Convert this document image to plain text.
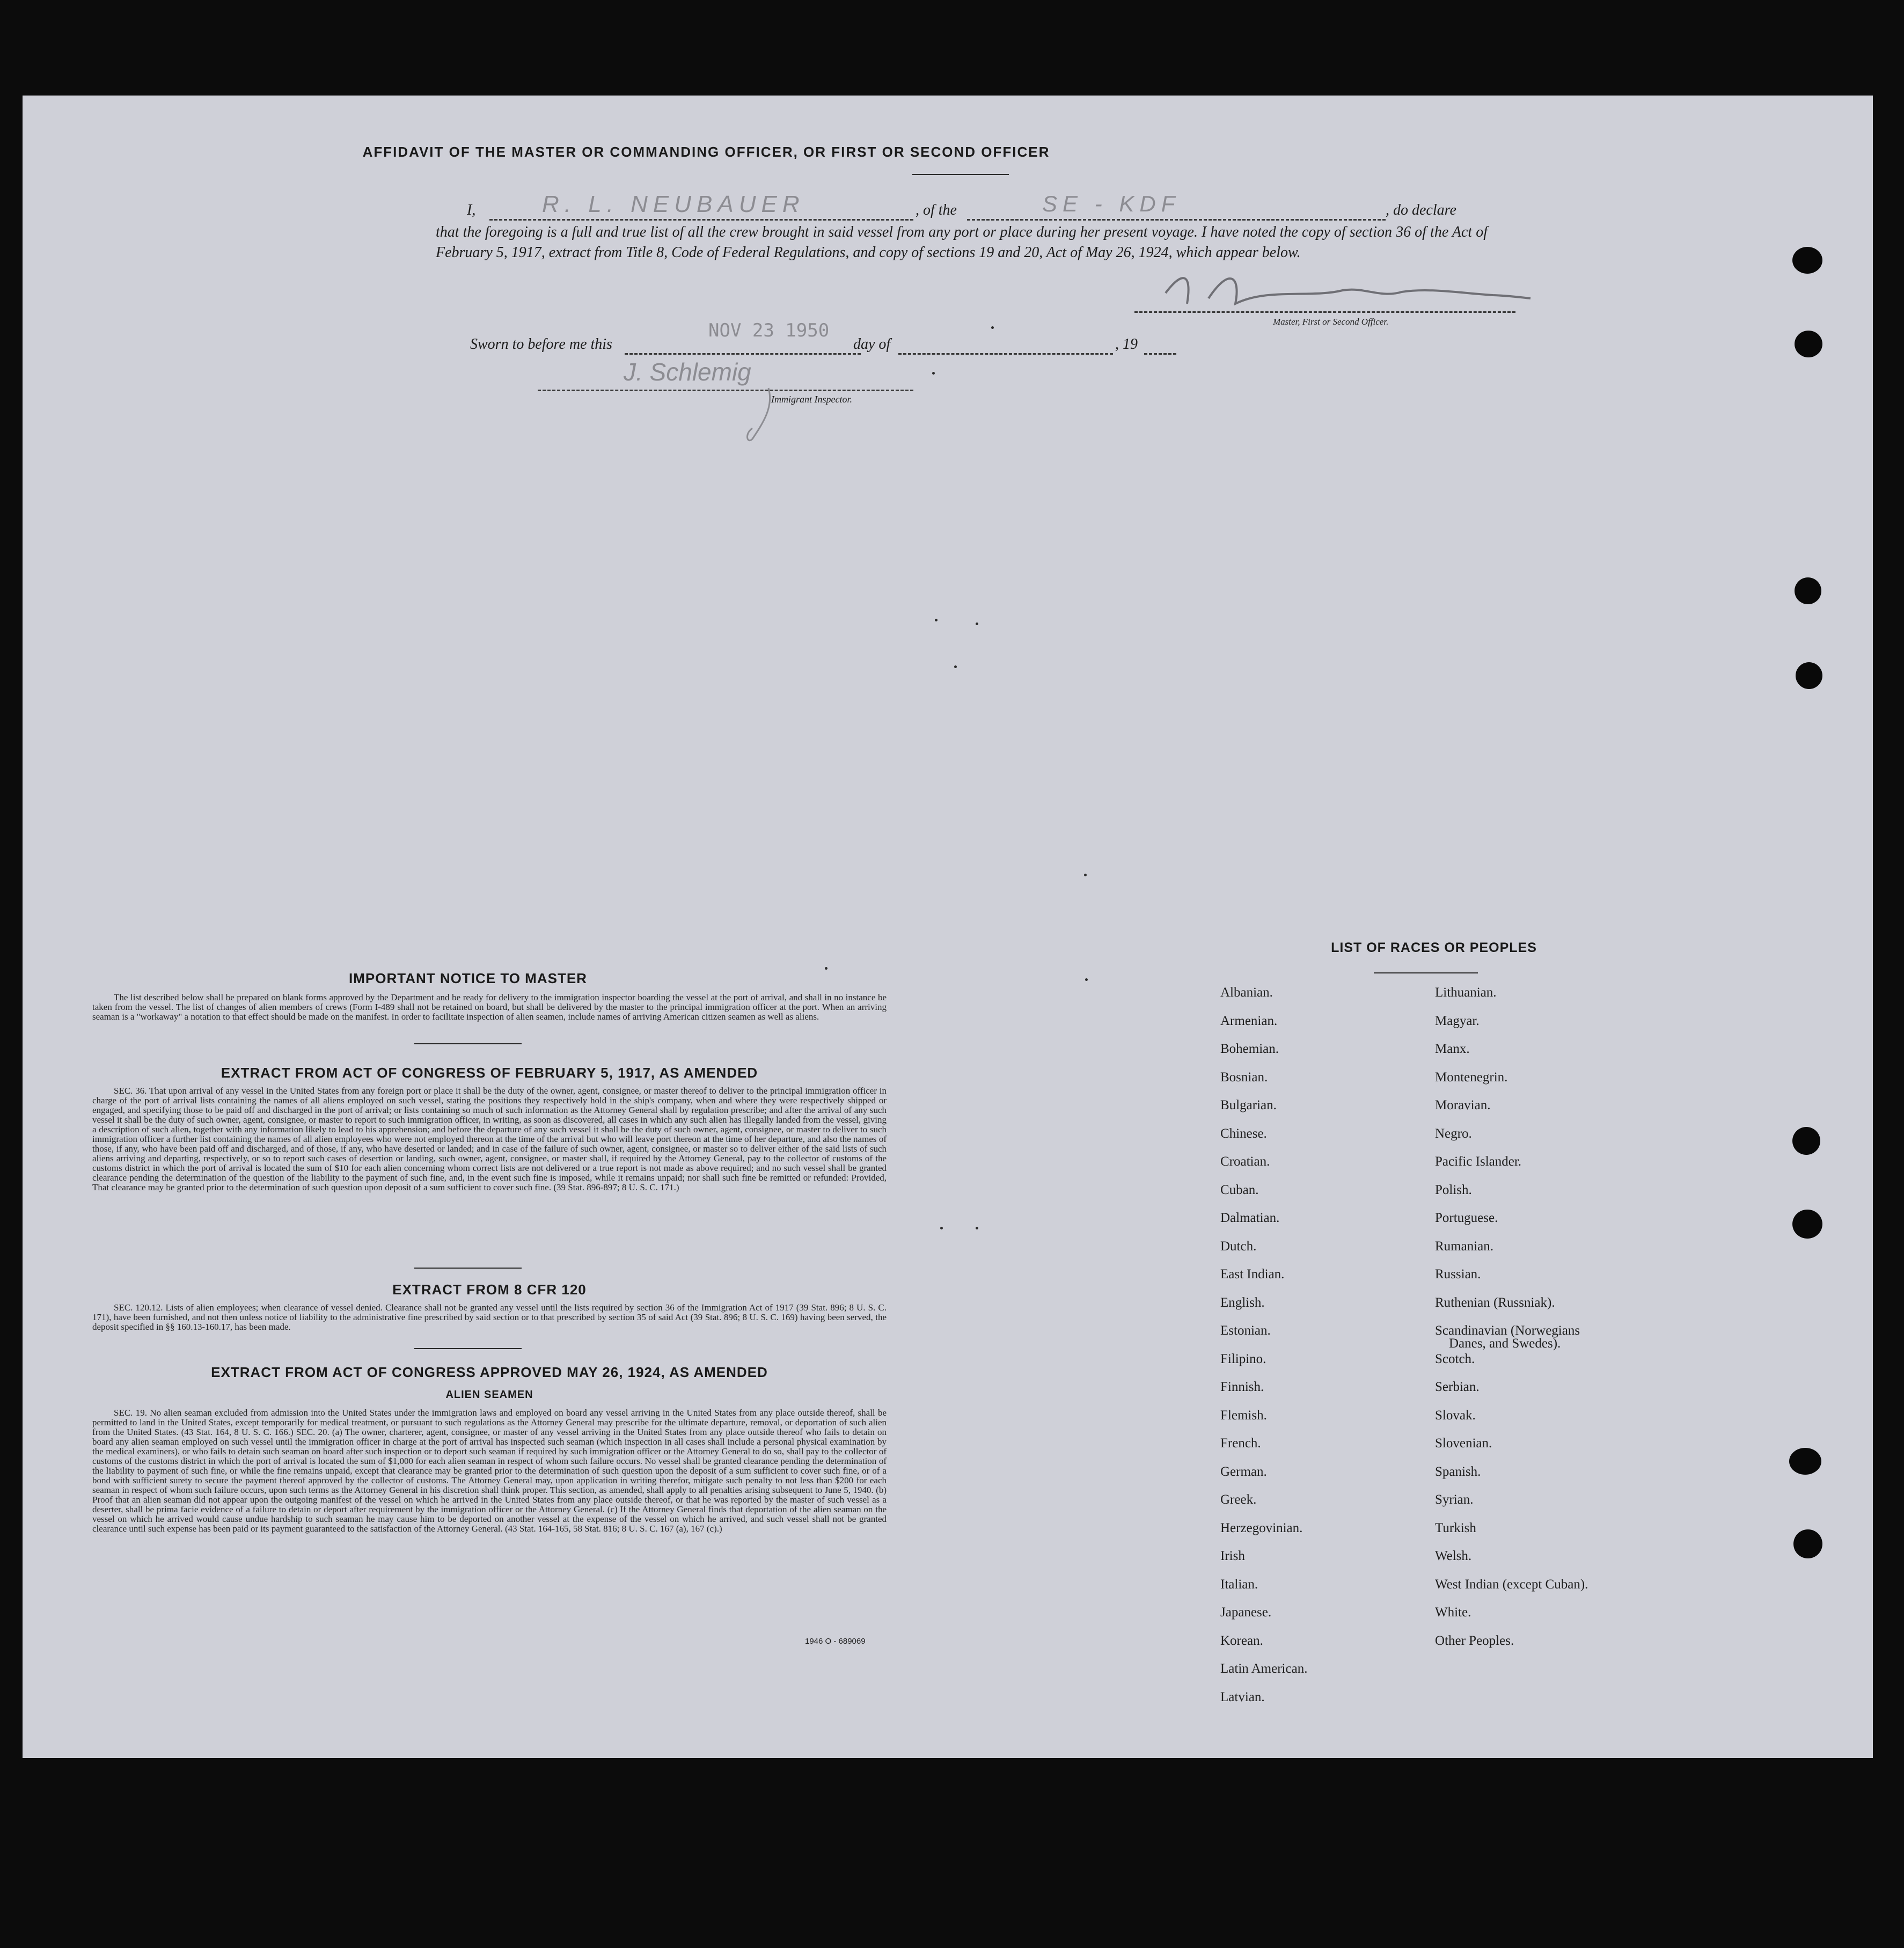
AFFIDAVIT OF THE MASTER OR COMMANDING OFFICER, OR FIRST OR SECOND OFFICER
I,	R. L. NEUBAUER	, of the	SE - KDF	, do declare
that the foregoing is a full and true list of all the crew brought in said vessel from any port or place during her present voyage. I have noted the copy of section 36 of the Act of February 5, 1917, extract from Title 8, Code of Federal Regulations, and copy of sections 19 and 20, Act of May 26, 1924, which appear below.
Master, First or Second Officer.
Sworn to before me this
NOV 23 1950
day of	, 19
J. Schlemig
Immigrant Inspector.
IMPORTANT NOTICE TO MASTER
The list described below shall be prepared on blank forms approved by the Department and be ready for delivery to the immigration inspector boarding the vessel at the port of arrival, and shall in no instance be taken from the vessel. The list of changes of alien members of crews (Form I-489 shall not be retained on board, but shall be delivered by the master to the principal immigration officer at the port. When an arriving seaman is a "workaway" a notation to that effect should be made on the manifest. In order to facilitate inspection of alien seamen, include names of arriving American citizen seamen as well as aliens.
EXTRACT FROM ACT OF CONGRESS OF FEBRUARY 5, 1917, AS AMENDED
SEC. 36. That upon arrival of any vessel in the United States from any foreign port or place it shall be the duty of the owner, agent, consignee, or master thereof to deliver to the principal immigration officer in charge of the port of arrival lists containing the names of all aliens employed on such vessel, stating the positions they respectively hold in the ship's company, when and where they were respectively shipped or engaged, and specifying those to be paid off and discharged in the port of arrival; or lists containing so much of such information as the Attorney General shall by regulation prescribe; and after the arrival of any such vessel it shall be the duty of such owner, agent, consignee, or master to report to such immigration officer, in writing, as soon as discovered, all cases in which any such alien has illegally landed from the vessel, giving a description of such alien, together with any information likely to lead to his apprehension; and before the departure of any such vessel it shall be the duty of such owner, agent, consignee, or master to deliver to such immigration officer a further list containing the names of all alien employees who were not employed thereon at the time of the arrival but who will leave port thereon at the time of her departure, and also the names of those, if any, who have been paid off and discharged, and of those, if any, who have deserted or landed; and in case of the failure of such owner, agent, consignee, or master so to deliver either of the said lists of such aliens arriving and departing, respectively, or so to report such cases of desertion or landing, such owner, agent, consignee, or master shall, if required by the Attorney General, pay to the collector of customs of the customs district in which the port of arrival is located the sum of $10 for each alien concerning whom correct lists are not delivered or a true report is not made as above required; and no such vessel shall be granted clearance pending the determination of the question of the liability to the payment of such fine, and, in the event such fine is imposed, while it remains unpaid; nor shall such fine be remitted or refunded: Provided, That clearance may be granted prior to the determination of such question upon deposit of a sum sufficient to cover such fine. (39 Stat. 896-897; 8 U. S. C. 171.)
EXTRACT FROM 8 CFR 120
SEC. 120.12. Lists of alien employees; when clearance of vessel denied. Clearance shall not be granted any vessel until the lists required by section 36 of the Immigration Act of 1917 (39 Stat. 896; 8 U. S. C. 171), have been furnished, and not then unless notice of liability to the administrative fine prescribed by said section or to that prescribed by section 35 of said Act (39 Stat. 896; 8 U. S. C. 169) having been served, the deposit specified in §§ 160.13-160.17, has been made.
EXTRACT FROM ACT OF CONGRESS APPROVED MAY 26, 1924, AS AMENDED
ALIEN SEAMEN
SEC. 19. No alien seaman excluded from admission into the United States under the immigration laws and employed on board any vessel arriving in the United States from any place outside thereof, shall be permitted to land in the United States, except temporarily for medical treatment, or pursuant to such regulations as the Attorney General may prescribe for the ultimate departure, removal, or deportation of such alien from the United States. (43 Stat. 164, 8 U. S. C. 166.) SEC. 20. (a) The owner, charterer, agent, consignee, or master of any vessel arriving in the United States from any place outside thereof who fails to detain on board any alien seaman employed on such vessel until the immigration officer in charge at the port of arrival has inspected such seaman (which inspection in all cases shall include a personal physical examination by the medical examiners), or who fails to detain such seaman on board after such inspection or to deport such seaman if required by such immigration officer or the Attorney General to do so, shall pay to the collector of customs of the customs district in which the port of arrival is located the sum of $1,000 for each alien seaman in respect of whom such failure occurs. No vessel shall be granted clearance pending the determination of the liability to payment of such fine, or while the fine remains unpaid, except that clearance may be granted prior to the determination of such question upon the deposit of a sum sufficient to cover such fine, or of a bond with sufficient surety to secure the payment thereof approved by the collector of customs. The Attorney General may, upon application in writing therefor, mitigate such penalty to not less than $200 for each seaman in respect of whom such failure occurs, upon such terms as the Attorney General in his discretion shall think proper. This section, as amended, shall apply to all penalties arising subsequent to June 5, 1940. (b) Proof that an alien seaman did not appear upon the outgoing manifest of the vessel on which he arrived in the United States from any place outside thereof, or that he was reported by the master of such vessel as a deserter, shall be prima facie evidence of a failure to detain or deport after requirement by the immigration officer or the Attorney General. (c) If the Attorney General finds that deportation of the alien seaman on the vessel on which he arrived would cause undue hardship to such seaman he may cause him to be deported on another vessel at the expense of the vessel on which he arrived, and such vessel shall not be granted clearance until such expense has been paid or its payment guaranteed to the satisfaction of the Attorney General. (43 Stat. 164-165, 58 Stat. 816; 8 U. S. C. 167 (a), 167 (c).)
1946 O - 689069
LIST OF RACES OR PEOPLES
Albanian.
Armenian.
Bohemian.
Bosnian.
Bulgarian.
Chinese.
Croatian.
Cuban.
Dalmatian.
Dutch.
East Indian.
English.
Estonian.
Filipino.
Finnish.
Flemish.
French.
German.
Greek.
Herzegovinian.
Irish
Italian.
Japanese.
Korean.
Latin American.
Latvian.
Lithuanian.
Magyar.
Manx.
Montenegrin.
Moravian.
Negro.
Pacific Islander.
Polish.
Portuguese.
Rumanian.
Russian.
Ruthenian (Russniak).
Scandinavian (Norwegians
Danes, and Swedes).
Scotch.
Serbian.
Slovak.
Slovenian.
Spanish.
Syrian.
Turkish
Welsh.
West Indian (except Cuban).
White.
Other Peoples.
